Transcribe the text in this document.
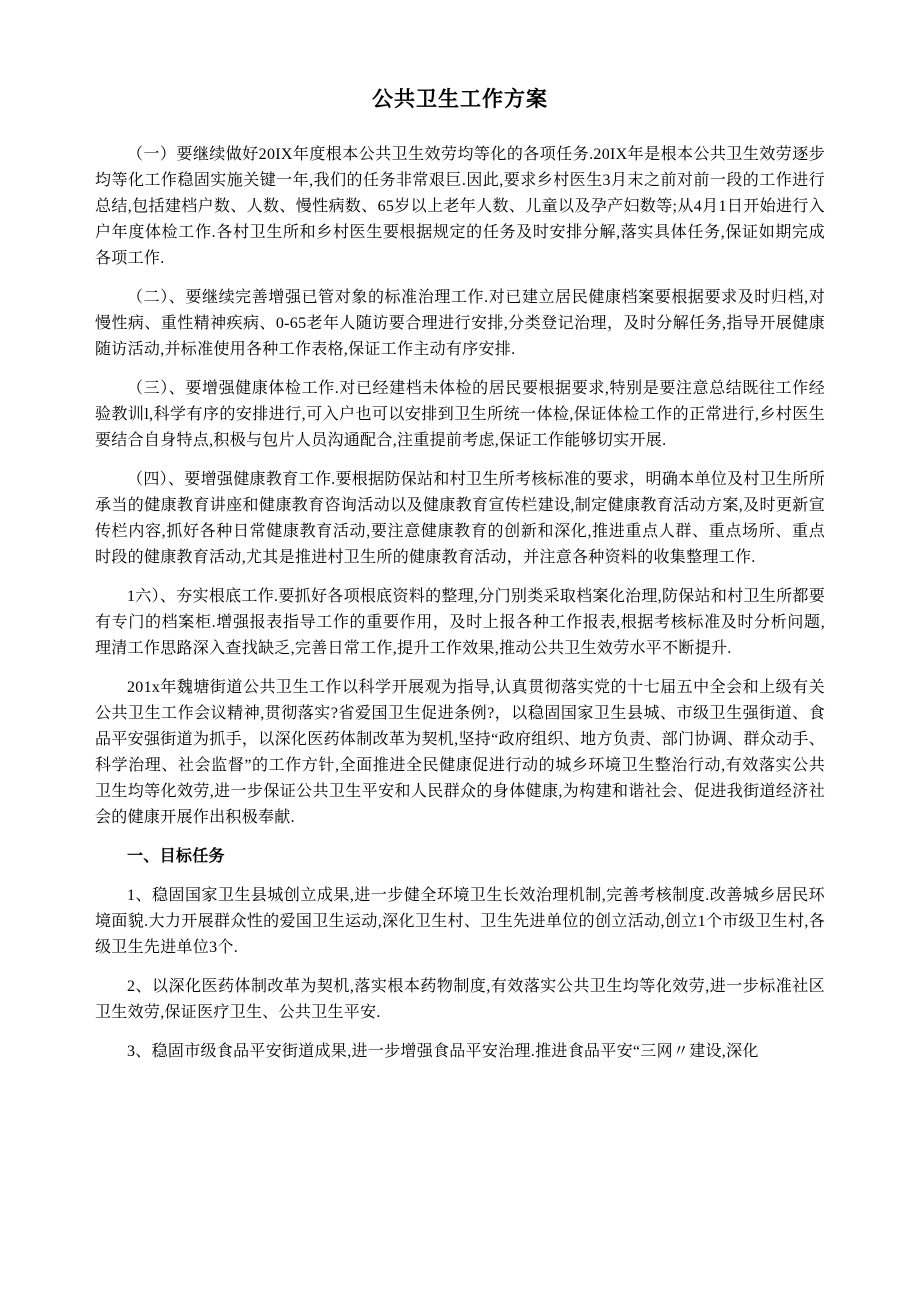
公共卫生工作方案

（一）要继续做好20IX年度根本公共卫生效劳均等化的各项任务.20IX年是根本公共卫生效劳逐步均等化工作稳固实施关键一年,我们的任务非常艰巨.因此,要求乡村医生3月末之前对前一段的工作进行总结,包括建档户数、人数、慢性病数、65岁以上老年人数、儿童以及孕产妇数等;从4月1日开始进行入户年度体检工作.各村卫生所和乡村医生要根据规定的任务及时安排分解,落实具体任务,保证如期完成各项工作.

（二）、要继续完善增强已管对象的标准治理工作.对已建立居民健康档案要根据要求及时归档,对慢性病、重性精神疾病、0-65老年人随访要合理进行安排,分类登记治理，及时分解任务,指导开展健康随访活动,并标准使用各种工作表格,保证工作主动有序安排.

（三）、要增强健康体检工作.对已经建档未体检的居民要根据要求,特别是要注意总结既往工作经验教训l,科学有序的安排进行,可入户也可以安排到卫生所统一体检,保证体检工作的正常进行,乡村医生要结合自身特点,积极与包片人员沟通配合,注重提前考虑,保证工作能够切实开展.

（四）、要增强健康教育工作.要根据防保站和村卫生所考核标准的要求，明确本单位及村卫生所所承当的健康教育讲座和健康教育咨询活动以及健康教育宣传栏建设,制定健康教育活动方案,及时更新宣传栏内容,抓好各种日常健康教育活动,要注意健康教育的创新和深化,推进重点人群、重点场所、重点时段的健康教育活动,尤其是推进村卫生所的健康教育活动，并注意各种资料的收集整理工作.

1六）、夯实根底工作.要抓好各项根底资料的整理,分门别类采取档案化治理,防保站和村卫生所都要有专门的档案柜.增强报表指导工作的重要作用，及时上报各种工作报表,根据考核标准及时分析问题,理清工作思路深入查找缺乏,完善日常工作,提升工作效果,推动公共卫生效劳水平不断提升.

201x年魏塘街道公共卫生工作以科学开展观为指导,认真贯彻落实党的十七届五中全会和上级有关公共卫生工作会议精神,贯彻落实?省爱国卫生促进条例?，以稳固国家卫生县城、市级卫生强街道、食品平安强街道为抓手，以深化医药体制改革为契机,坚持“政府组织、地方负责、部门协调、群众动手、科学治理、社会监督”的工作方针,全面推进全民健康促进行动的城乡环境卫生整治行动,有效落实公共卫生均等化效劳,进一步保证公共卫生平安和人民群众的身体健康,为构建和谐社会、促进我街道经济社会的健康开展作出积极奉献.

一、目标任务

1、稳固国家卫生县城创立成果,进一步健全环境卫生长效治理机制,完善考核制度.改善城乡居民环境面貌.大力开展群众性的爱国卫生运动,深化卫生村、卫生先进单位的创立活动,创立1个市级卫生村,各级卫生先进单位3个.

2、以深化医药体制改革为契机,落实根本药物制度,有效落实公共卫生均等化效劳,进一步标准社区卫生效劳,保证医疗卫生、公共卫生平安.

3、稳固市级食品平安街道成果,进一步增强食品平安治理.推进食品平安“三网〃建设,深化
